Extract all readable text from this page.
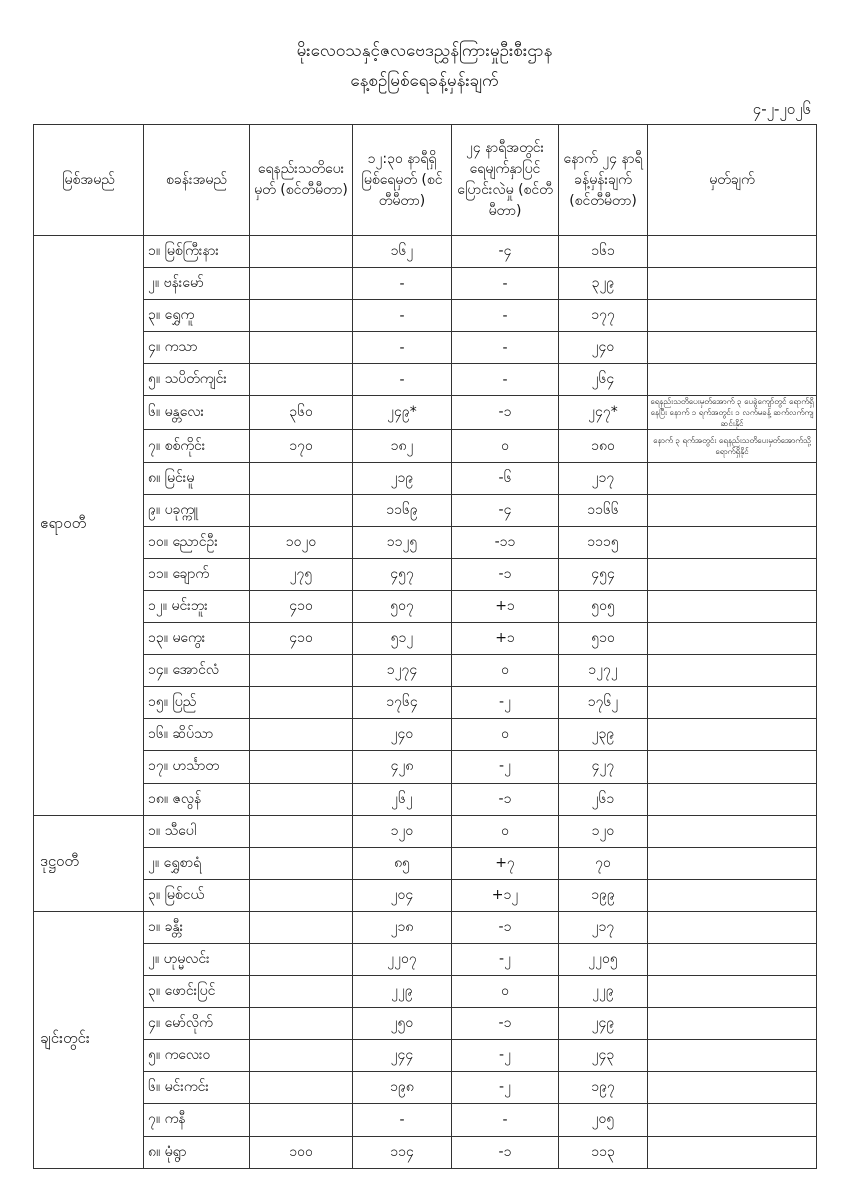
မိုးလေဝသနှင့်ဇလဗေဒညွှန်ကြားမှုဦးစီးဌာန
နေ့စဉ်မြစ်ရေခန့်မှန်းချက်
၄-၂-၂၀၂၆
မြစ်အမည်	စခန်းအမည်	ရေနည်းသတိပေးမှတ် (စင်တီမီတာ)	၁၂:၃၀ နာရီရှိ မြစ်ရေမှတ် (စင်တီမီတာ)	၂၄ နာရီအတွင်း ရေမျက်နှာပြင် ပြောင်းလဲမှု (စင်တီမီတာ)	နောက် ၂၄ နာရီ ခန့်မှန်းချက် (စင်တီမီတာ)	မှတ်ချက်
ဧရာဝတီ	၁။ မြစ်ကြီးနား		၁၆၂	-၄	၁၆၁	
	၂။ ဗန်းမော်		-	-	၃၂၉	
	၃။ ရွှေကူ		-	-	၁၇၇	
	၄။ ကသာ		-	-	၂၄၀	
	၅။ သပိတ်ကျင်း		-	-	၂၆၄	
	၆။ မန္တလေး	၃၆၀	၂၄၉*	-၁	၂၄၇*	ရေနည်းသတိပေးမှတ်အောက် ၃ ပေခွဲကျော်တွင် ရောက်ရှိနေပြီး နောက် ၁ ရက်အတွင်း ၁ လက်မခန့် ဆက်လက်ကျဆင်းနိုင်
	၇။ စစ်ကိုင်း	၁၇၀	၁၈၂	၀	၁၈၀	နောက် ၃ ရက်အတွင်း ရေနည်းသတိပေးမှတ်အောက်သို့ ရောက်ရှိနိုင်
	၈။ မြင်းမူ		၂၁၉	-၆	၂၁၇	
	၉။ ပခုက္ကူ		၁၁၆၉	-၄	၁၁၆၆	
	၁၀။ ညောင်ဦး	၁၀၂၀	၁၁၂၅	-၁၁	၁၁၁၅	
	၁၁။ ချောက်	၂၇၅	၄၅၇	-၁	၄၅၄	
	၁၂။ မင်းဘူး	၄၁၀	၅၀၇	+၁	၅၀၅	
	၁၃။ မကွေး	၄၁၀	၅၁၂	+၁	၅၁၀	
	၁၄။ အောင်လံ		၁၂၇၄	၀	၁၂၇၂	
	၁၅။ ပြည်		၁၇၆၄	-၂	၁၇၆၂	
	၁၆။ ဆိပ်သာ		၂၄၀	၀	၂၃၉	
	၁၇။ ဟင်္သာတ		၄၂၈	-၂	၄၂၇	
	၁၈။ ဇလွန်		၂၆၂	-၁	၂၆၁	
ဒုဋ္ဌဝတီ	၁။ သီပေါ		၁၂၀	၀	၁၂၀	
	၂။ ရွှေစာရံ		၈၅	+၇	၇၀	
	၃။ မြစ်ငယ်		၂၀၄	+၁၂	၁၉၉	
ချင်းတွင်း	၁။ ခန္တီး		၂၁၈	-၁	၂၁၇	
	၂။ ဟုမ္မလင်း		၂၂၀၇	-၂	၂၂၀၅	
	၃။ ဖောင်းပြင်		၂၂၉	၀	၂၂၉	
	၄။ မော်လိုက်		၂၅၀	-၁	၂၄၉	
	၅။ ကလေးဝ		၂၄၄	-၂	၂၄၃	
	၆။ မင်းကင်း		၁၉၈	-၂	၁၉၇	
	၇။ ကနီ		-	-	၂၀၅	
	၈။ မုံရွာ	၁၀၀	၁၁၄	-၁	၁၁၃	
